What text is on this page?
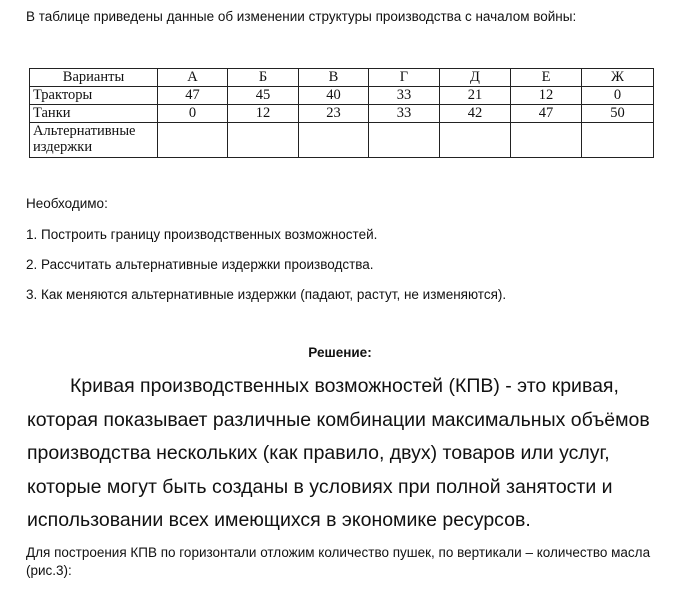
В таблице приведены данные об изменении структуры производства с началом войны:
Варианты	А	Б	В	Г	Д	Е	Ж
Тракторы	47	45	40	33	21	12	0
Танки	0	12	23	33	42	47	50
Альтернативные
издержки							
Необходимо:
1. Построить границу производственных возможностей.
2. Рассчитать альтернативные издержки производства.
3. Как меняются альтернативные издержки (падают, растут, не изменяются).
Решение:
Кривая производственных возможностей (КПВ) - это кривая, которая показывает различные комбинации максимальных объёмов производства нескольких (как правило, двух) товаров или услуг, которые могут быть созданы в условиях при полной занятости и использовании всех имеющихся в экономике ресурсов.
Для построения КПВ по горизонтали отложим количество пушек, по вертикали – количество масла (рис.3):
